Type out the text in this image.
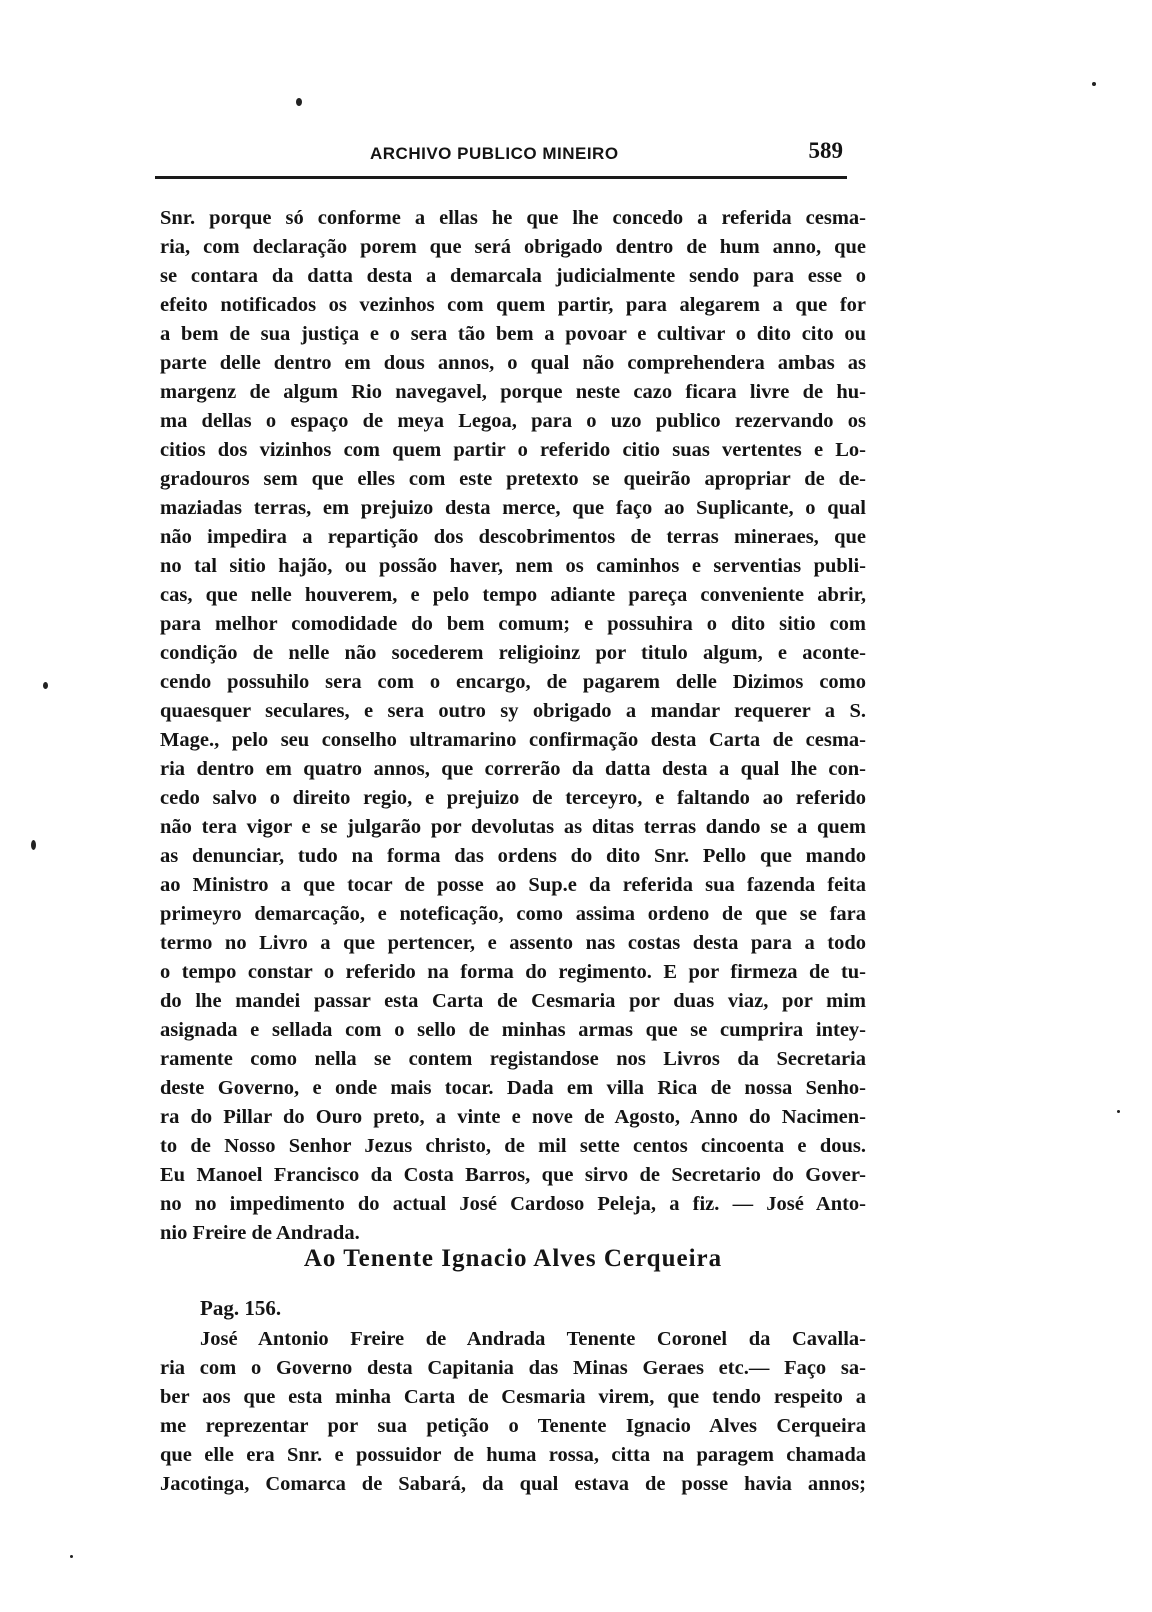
ARCHIVO PUBLICO MINEIRO	589
Snr. porque só conforme a ellas he que lhe concedo a referida cesma-
ria, com declaração porem que será obrigado dentro de hum anno, que
se contara da datta desta a demarcala judicialmente sendo para esse o
efeito notificados os vezinhos com quem partir, para alegarem a que for
a bem de sua justiça e o sera tão bem a povoar e cultivar o dito cito ou
parte delle dentro em dous annos, o qual não comprehendera ambas as
margenz de algum Rio navegavel, porque neste cazo ficara livre de hu-
ma dellas o espaço de meya Legoa, para o uzo publico rezervando os
citios dos vizinhos com quem partir o referido citio suas vertentes e Lo-
gradouros sem que elles com este pretexto se queirão apropriar de de-
maziadas terras, em prejuizo desta merce, que faço ao Suplicante, o qual
não impedira a repartição dos descobrimentos de terras mineraes, que
no tal sitio hajão, ou possão haver, nem os caminhos e serventias publi-
cas, que nelle houverem, e pelo tempo adiante pareça conveniente abrir,
para melhor comodidade do bem comum; e possuhira o dito sitio com
condição de nelle não socederem religioinz por titulo algum, e aconte-
cendo possuhilo sera com o encargo, de pagarem delle Dizimos como
quaesquer seculares, e sera outro sy obrigado a mandar requerer a S.
Mage., pelo seu conselho ultramarino confirmação desta Carta de cesma-
ria dentro em quatro annos, que correrão da datta desta a qual lhe con-
cedo salvo o direito regio, e prejuizo de terceyro, e faltando ao referido
não tera vigor e se julgarão por devolutas as ditas terras dando se a quem
as denunciar, tudo na forma das ordens do dito Snr. Pello que mando
ao Ministro a que tocar de posse ao Sup.e da referida sua fazenda feita
primeyro demarcação, e noteficação, como assima ordeno de que se fara
termo no Livro a que pertencer, e assento nas costas desta para a todo
o tempo constar o referido na forma do regimento. E por firmeza de tu-
do lhe mandei passar esta Carta de Cesmaria por duas viaz, por mim
asignada e sellada com o sello de minhas armas que se cumprira intey-
ramente como nella se contem registandose nos Livros da Secretaria
deste Governo, e onde mais tocar. Dada em villa Rica de nossa Senho-
ra do Pillar do Ouro preto, a vinte e nove de Agosto, Anno do Nacimen-
to de Nosso Senhor Jezus christo, de mil sette centos cincoenta e dous.
Eu Manoel Francisco da Costa Barros, que sirvo de Secretario do Gover-
no no impedimento do actual José Cardoso Peleja, a fiz. — José Anto-
nio Freire de Andrada.
Ao Tenente Ignacio Alves Cerqueira
Pag. 156.
José Antonio Freire de Andrada Tenente Coronel da Cavalla-
ria com o Governo desta Capitania das Minas Geraes etc.— Faço sa-
ber aos que esta minha Carta de Cesmaria virem, que tendo respeito a
me reprezentar por sua petição o Tenente Ignacio Alves Cerqueira
que elle era Snr. e possuidor de huma rossa, citta na paragem chamada
Jacotinga, Comarca de Sabará, da qual estava de posse havia annos;
